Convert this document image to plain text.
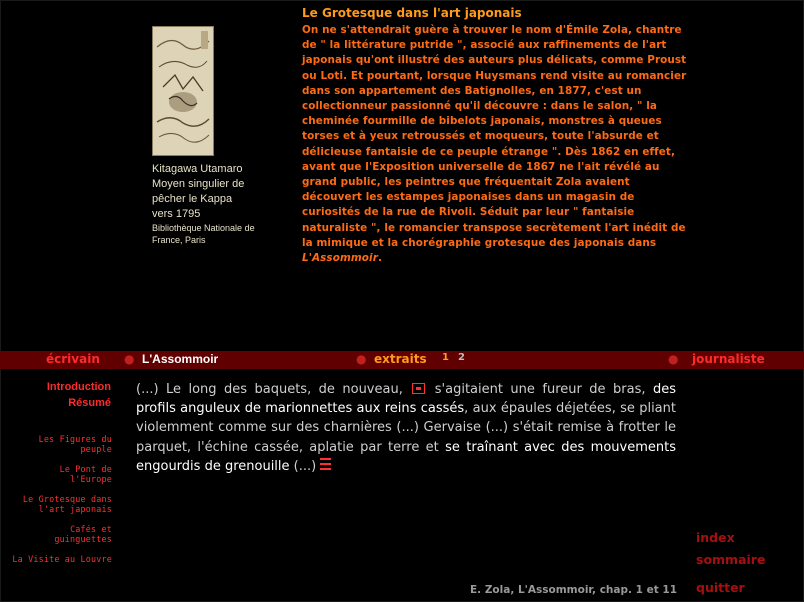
Kitagawa Utamaro
Moyen singulier de
pêcher le Kappa
vers 1795
Bibliothèque Nationale de France, Paris
Le Grotesque dans l'art japonais
On ne s'attendrait guère à trouver le nom d'Émile Zola, chantre
de " la littérature putride ", associé aux raffinements de l'art
japonais qu'ont illustré des auteurs plus délicats, comme Proust
ou Loti. Et pourtant, lorsque Huysmans rend visite au romancier
dans son appartement des Batignolles, en 1877, c'est un
collectionneur passionné qu'il découvre : dans le salon, " la
cheminée fourmille de bibelots japonais, monstres à queues
torses et à yeux retroussés et moqueurs, toute l'absurde et
délicieuse fantaisie de ce peuple étrange ". Dès 1862 en effet,
avant que l'Exposition universelle de 1867 ne l'ait révélé au
grand public, les peintres que fréquentait Zola avaient
découvert les estampes japonaises dans un magasin de
curiosités de la rue de Rivoli. Séduit par leur " fantaisie
naturaliste ", le romancier transpose secrètement l'art inédit de
la mimique et la chorégraphie grotesque des japonais dans
L'Assommoir.
écrivain ● L'Assommoir	● extraits 1 2	● journaliste
Introduction
Résumé
Les Figures du
peuple
Le Pont de
l'Europe
Le Grotesque dans
l'art japonais
Cafés et
guinguettes
La Visite au Louvre
(...) Le long des baquets, de nouveau, s'agitaient une fureur de bras, des profils anguleux de marionnettes aux reins cassés, aux épaules déjetées, se pliant violemment comme sur des charnières (...) Gervaise (...) s'était remise à frotter le parquet, l'échine cassée, aplatie par terre et se traînant avec des mouvements engourdis de grenouille (...)
E. Zola, L'Assommoir, chap. 1 et 11
index
sommaire
quitter
